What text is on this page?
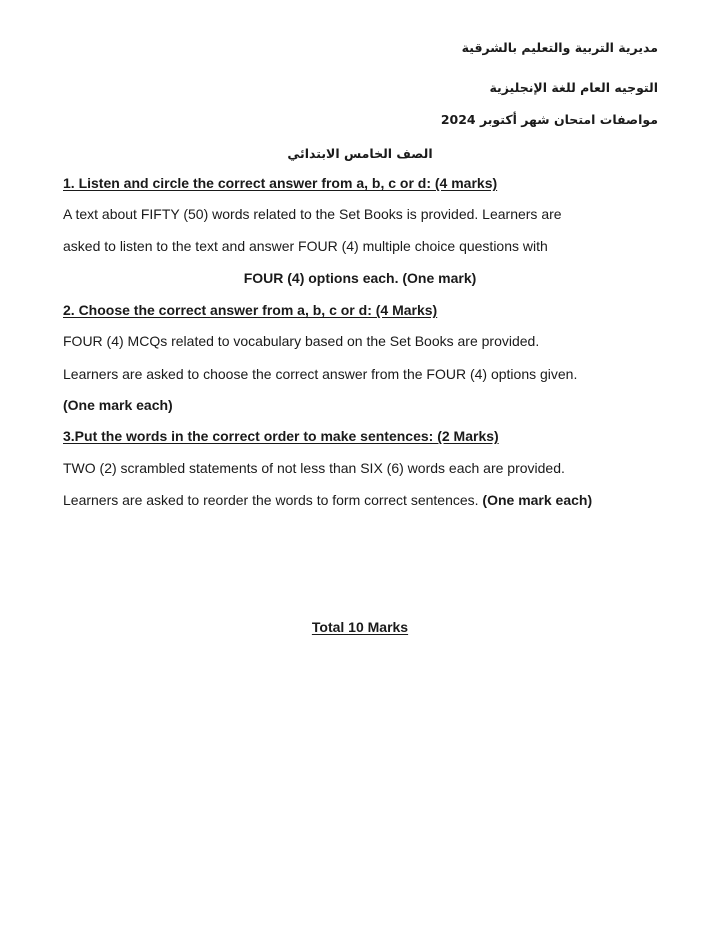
مديرية التربية والتعليم بالشرقية
التوجيه العام للغة الإنجليزية
مواصفات امتحان شهر أكتوبر 2024
الصف الخامس الابتدائي
1. Listen and circle the correct answer from a, b, c or d: (4 marks)
A text about FIFTY (50) words related to the Set Books is provided. Learners are
asked to listen to the text and answer FOUR (4) multiple choice questions with
FOUR (4) options each. (One mark)
2. Choose the correct answer from a, b, c or d: (4 Marks)
FOUR (4) MCQs related to vocabulary based on the Set Books are provided.
Learners are asked to choose the correct answer from the FOUR (4) options given.
(One mark each)
3.Put the words in the correct order to make sentences: (2 Marks)
TWO (2) scrambled statements of not less than SIX (6) words each are provided.
Learners are asked to reorder the words to form correct sentences. (One mark each)
Total 10 Marks
